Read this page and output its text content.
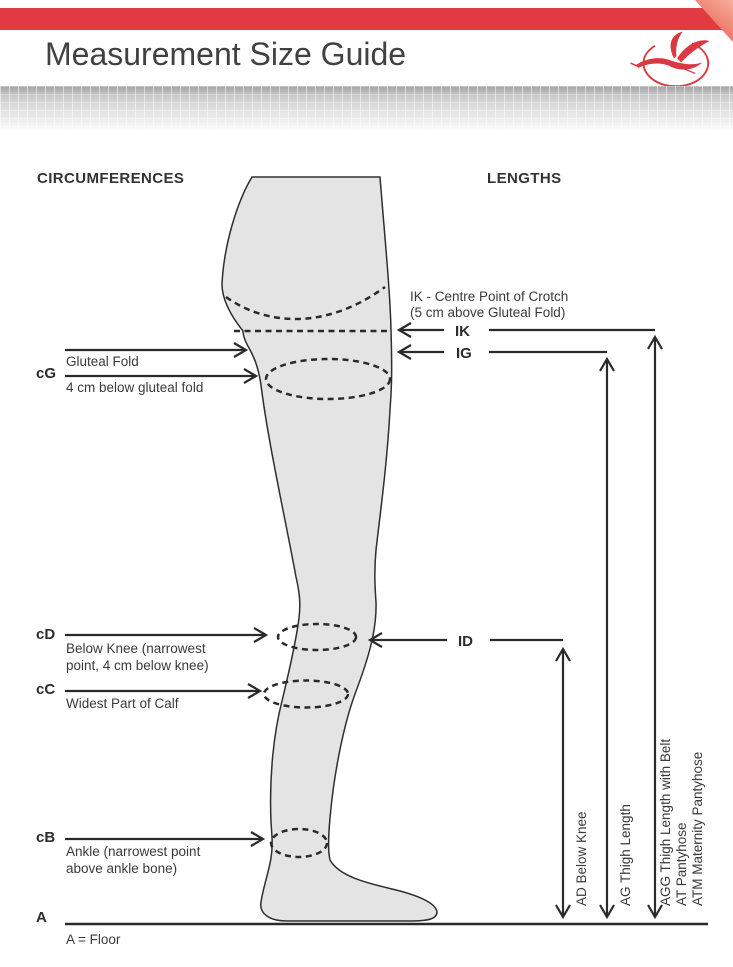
Measurement Size Guide
CIRCUMFERENCES	LENGTHS
IK
IG
ID
AD Below Knee AG Thigh Length AGG Thigh Length with Belt AT Pantyhose ATM Maternity Pantyhose
IK - Centre Point of Crotch
(5 cm above Gluteal Fold)
cG
Gluteal Fold
4 cm below gluteal fold
cD
Below Knee (narrowest
point, 4 cm below knee)
cC
Widest Part of Calf
cB
Ankle (narrowest point
above ankle bone)
A
A = Floor
